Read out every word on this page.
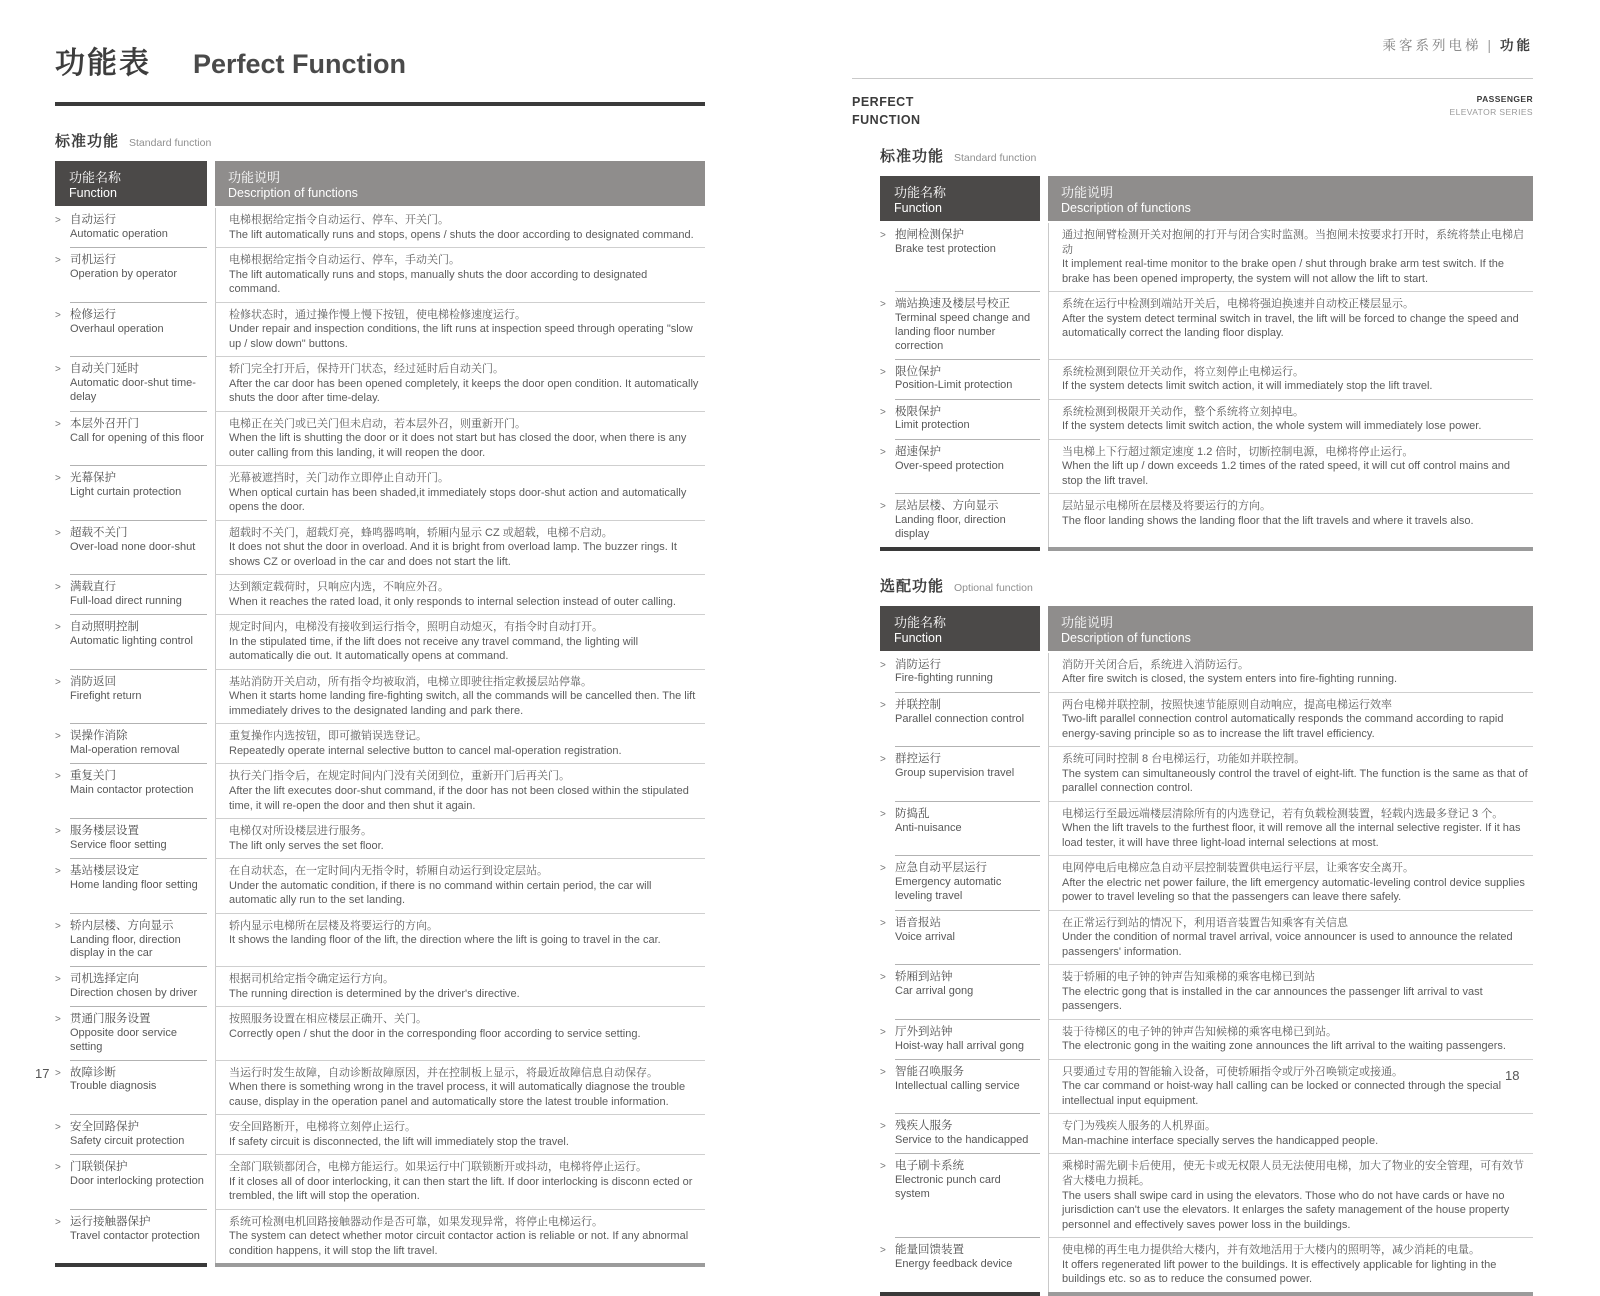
功能表 Perfect Function
标准功能 Standard function
功能名称
Function
功能说明
Description of functions
> 自动运行
Automatic operation
电梯根据给定指令自动运行、停车、开关门。
The lift automatically runs and stops, opens / shuts the door according to designated command.
> 司机运行
Operation by operator
电梯根据给定指令自动运行、停车，手动关门。
The lift automatically runs and stops, manually shuts the door according to designated command.
> 检修运行
Overhaul operation
检修状态时，通过操作慢上慢下按钮，使电梯检修速度运行。
Under repair and inspection conditions, the lift runs at inspection speed through operating "slow up / slow down" buttons.
> 自动关门延时
Automatic door-shut time-delay
轿门完全打开后，保持开门状态，经过延时后自动关门。
After the car door has been opened completely, it keeps the door open condition. It automatically shuts the door after time-delay.
> 本层外召开门
Call for opening of this floor
电梯正在关门或已关门但未启动，若本层外召，则重新开门。
When the lift is shutting the door or it does not start but has closed the door, when there is any outer calling from this landing, it will reopen the door.
> 光幕保护
Light curtain protection
光幕被遮挡时，关门动作立即停止自动开门。
When optical curtain has been shaded,it immediately stops door-shut action and automatically opens the door.
> 超载不关门
Over-load none door-shut
超载时不关门，超载灯亮，蜂鸣器鸣响，轿厢内显示 CZ 或超载，电梯不启动。
It does not shut the door in overload. And it is bright from overload lamp. The buzzer rings. It shows CZ or overload in the car and does not start the lift.
> 满载直行
Full-load direct running
达到额定载荷时，只响应内选，不响应外召。
When it reaches the rated load, it only responds to internal selection instead of outer calling.
> 自动照明控制
Automatic lighting control
规定时间内，电梯没有接收到运行指令，照明自动熄灭，有指令时自动打开。
In the stipulated time, if the lift does not receive any travel command, the lighting will automatically die out. It automatically opens at command.
> 消防返回
Firefight return
基站消防开关启动，所有指令均被取消，电梯立即驶往指定救援层站停靠。
When it starts home landing fire-fighting switch, all the commands will be cancelled then. The lift immediately drives to the designated landing and park there.
> 误操作消除
Mal-operation removal
重复操作内选按钮，即可撤销误选登记。
Repeatedly operate internal selective button to cancel mal-operation registration.
> 重复关门
Main contactor protection
执行关门指令后，在规定时间内门没有关闭到位，重新开门后再关门。
After the lift executes door-shut command, if the door has not been closed within the stipulated time, it will re-open the door and then shut it again.
> 服务楼层设置
Service floor setting
电梯仅对所设楼层进行服务。
The lift only serves the set floor.
> 基站楼层设定
Home landing floor setting
在自动状态，在一定时间内无指令时，轿厢自动运行到设定层站。
Under the automatic condition, if there is no command within certain period, the car will automatic ally run to the set landing.
> 轿内层楼、方向显示
Landing floor, direction display in the car
轿内显示电梯所在层楼及将要运行的方向。
It shows the landing floor of the lift, the direction where the lift is going to travel in the car.
> 司机选择定向
Direction chosen by driver
根据司机给定指令确定运行方向。
The running direction is determined by the driver's directive.
> 贯通门服务设置
Opposite door service setting
按照服务设置在相应楼层正确开、关门。
Correctly open / shut the door in the corresponding floor according to service setting.
> 故障诊断
Trouble diagnosis
当运行时发生故障，自动诊断故障原因，并在控制板上显示，将最近故障信息自动保存。
When there is something wrong in the travel process, it will automatically diagnose the trouble cause, display in the operation panel and automatically store the latest trouble information.
> 安全回路保护
Safety circuit protection
安全回路断开，电梯将立刻停止运行。
If safety circuit is disconnected, the lift will immediately stop the travel.
> 门联锁保护
Door interlocking protection
全部门联锁都闭合，电梯方能运行。如果运行中门联锁断开或抖动，电梯将停止运行。
If it closes all of door interlocking, it can then start the lift. If door interlocking is disconn ected or trembled, the lift will stop the operation.
> 运行接触器保护
Travel contactor protection
系统可检测电机回路接触器动作是否可靠，如果发现异常，将停止电梯运行。
The system can detect whether motor circuit contactor action is reliable or not. If any abnormal condition happens, it will stop the lift travel.
乘客系列电梯 | 功能
PERFECT
FUNCTION
PASSENGER
ELEVATOR SERIES
标准功能 Standard function
功能名称
Function
功能说明
Description of functions
> 抱闸检测保护
Brake test protection
通过抱闸臂检测开关对抱闸的打开与闭合实时监测。当抱闸未按要求打开时，系统将禁止电梯启动
It implement real-time monitor to the brake open / shut through brake arm test switch. If the brake has been opened improperty, the system will not allow the lift to start.
> 端站换速及楼层号校正
Terminal speed change and landing floor number correction
系统在运行中检测到端站开关后，电梯将强迫换速并自动校正楼层显示。
After the system detect terminal switch in travel, the lift will be forced to change the speed and automatically correct the landing floor display.
> 限位保护
Position-Limit protection
系统检测到限位开关动作，将立刻停止电梯运行。
If the system detects limit switch action, it will immediately stop the lift travel.
> 极限保护
Limit protection
系统检测到极限开关动作，整个系统将立刻掉电。
If the system detects limit switch action, the whole system will immediately lose power.
> 超速保护
Over-speed protection
当电梯上下行超过额定速度 1.2 倍时，切断控制电源，电梯将停止运行。
When the lift up / down exceeds 1.2 times of the rated speed, it will cut off control mains and stop the lift travel.
> 层站层楼、方向显示
Landing floor, direction display
层站显示电梯所在层楼及将要运行的方向。
The floor landing shows the landing floor that the lift travels and where it travels also.
选配功能 Optional function
功能名称
Function
功能说明
Description of functions
> 消防运行
Fire-fighting running
消防开关闭合后，系统进入消防运行。
After fire switch is closed, the system enters into fire-fighting running.
> 并联控制
Parallel connection control
两台电梯并联控制，按照快速节能原则自动响应，提高电梯运行效率
Two-lift parallel connection control automatically responds the command according to rapid energy-saving principle so as to increase the lift travel efficiency.
> 群控运行
Group supervision travel
系统可同时控制 8 台电梯运行，功能如并联控制。
The system can simultaneously control the travel of eight-lift. The function is the same as that of parallel connection control.
> 防捣乱
Anti-nuisance
电梯运行至最远端楼层清除所有的内选登记，若有负载检测装置，轻载内选最多登记 3 个。
When the lift travels to the furthest floor, it will remove all the internal selective register. If it has load tester, it will have three light-load internal selections at most.
> 应急自动平层运行
Emergency automatic leveling travel
电网停电后电梯应急自动平层控制装置供电运行平层，让乘客安全离开。
After the electric net power failure, the lift emergency automatic-leveling control device supplies power to travel leveling so that the passengers can leave there safely.
> 语音报站
Voice arrival
在正常运行到站的情况下，利用语音装置告知乘客有关信息
Under the condition of normal travel arrival, voice announcer is used to announce the related passengers' information.
> 轿厢到站钟
Car arrival gong
装于轿厢的电子钟的钟声告知乘梯的乘客电梯已到站
The electric gong that is installed in the car announces the passenger lift arrival to vast passengers.
> 厅外到站钟
Hoist-way hall arrival gong
装于待梯区的电子钟的钟声告知候梯的乘客电梯已到站。
The electronic gong in the waiting zone announces the lift arrival to the waiting passengers.
> 智能召唤服务
Intellectual calling service
只要通过专用的智能输入设备，可使轿厢指令或厅外召唤锁定或接通。
The car command or hoist-way hall calling can be locked or connected through the special intellectual input equipment.
> 残疾人服务
Service to the handicapped
专门为残疾人服务的人机界面。
Man-machine interface specially serves the handicapped people.
> 电子刷卡系统
Electronic punch card system
乘梯时需先刷卡后使用，使无卡或无权限人员无法使用电梯，加大了物业的安全管理，可有效节省大楼电力损耗。
The users shall swipe card in using the elevators. Those who do not have cards or have no jurisdiction can't use the elevators. It enlarges the safety management of the house property personnel and effectively saves power loss in the buildings.
> 能量回馈装置
Energy feedback device
使电梯的再生电力提供给大楼内，并有效地活用于大楼内的照明等，减少消耗的电量。
It offers regenerated lift power to the buildings. It is effectively applicable for lighting in the buildings etc. so as to reduce the consumed power.
17	18
